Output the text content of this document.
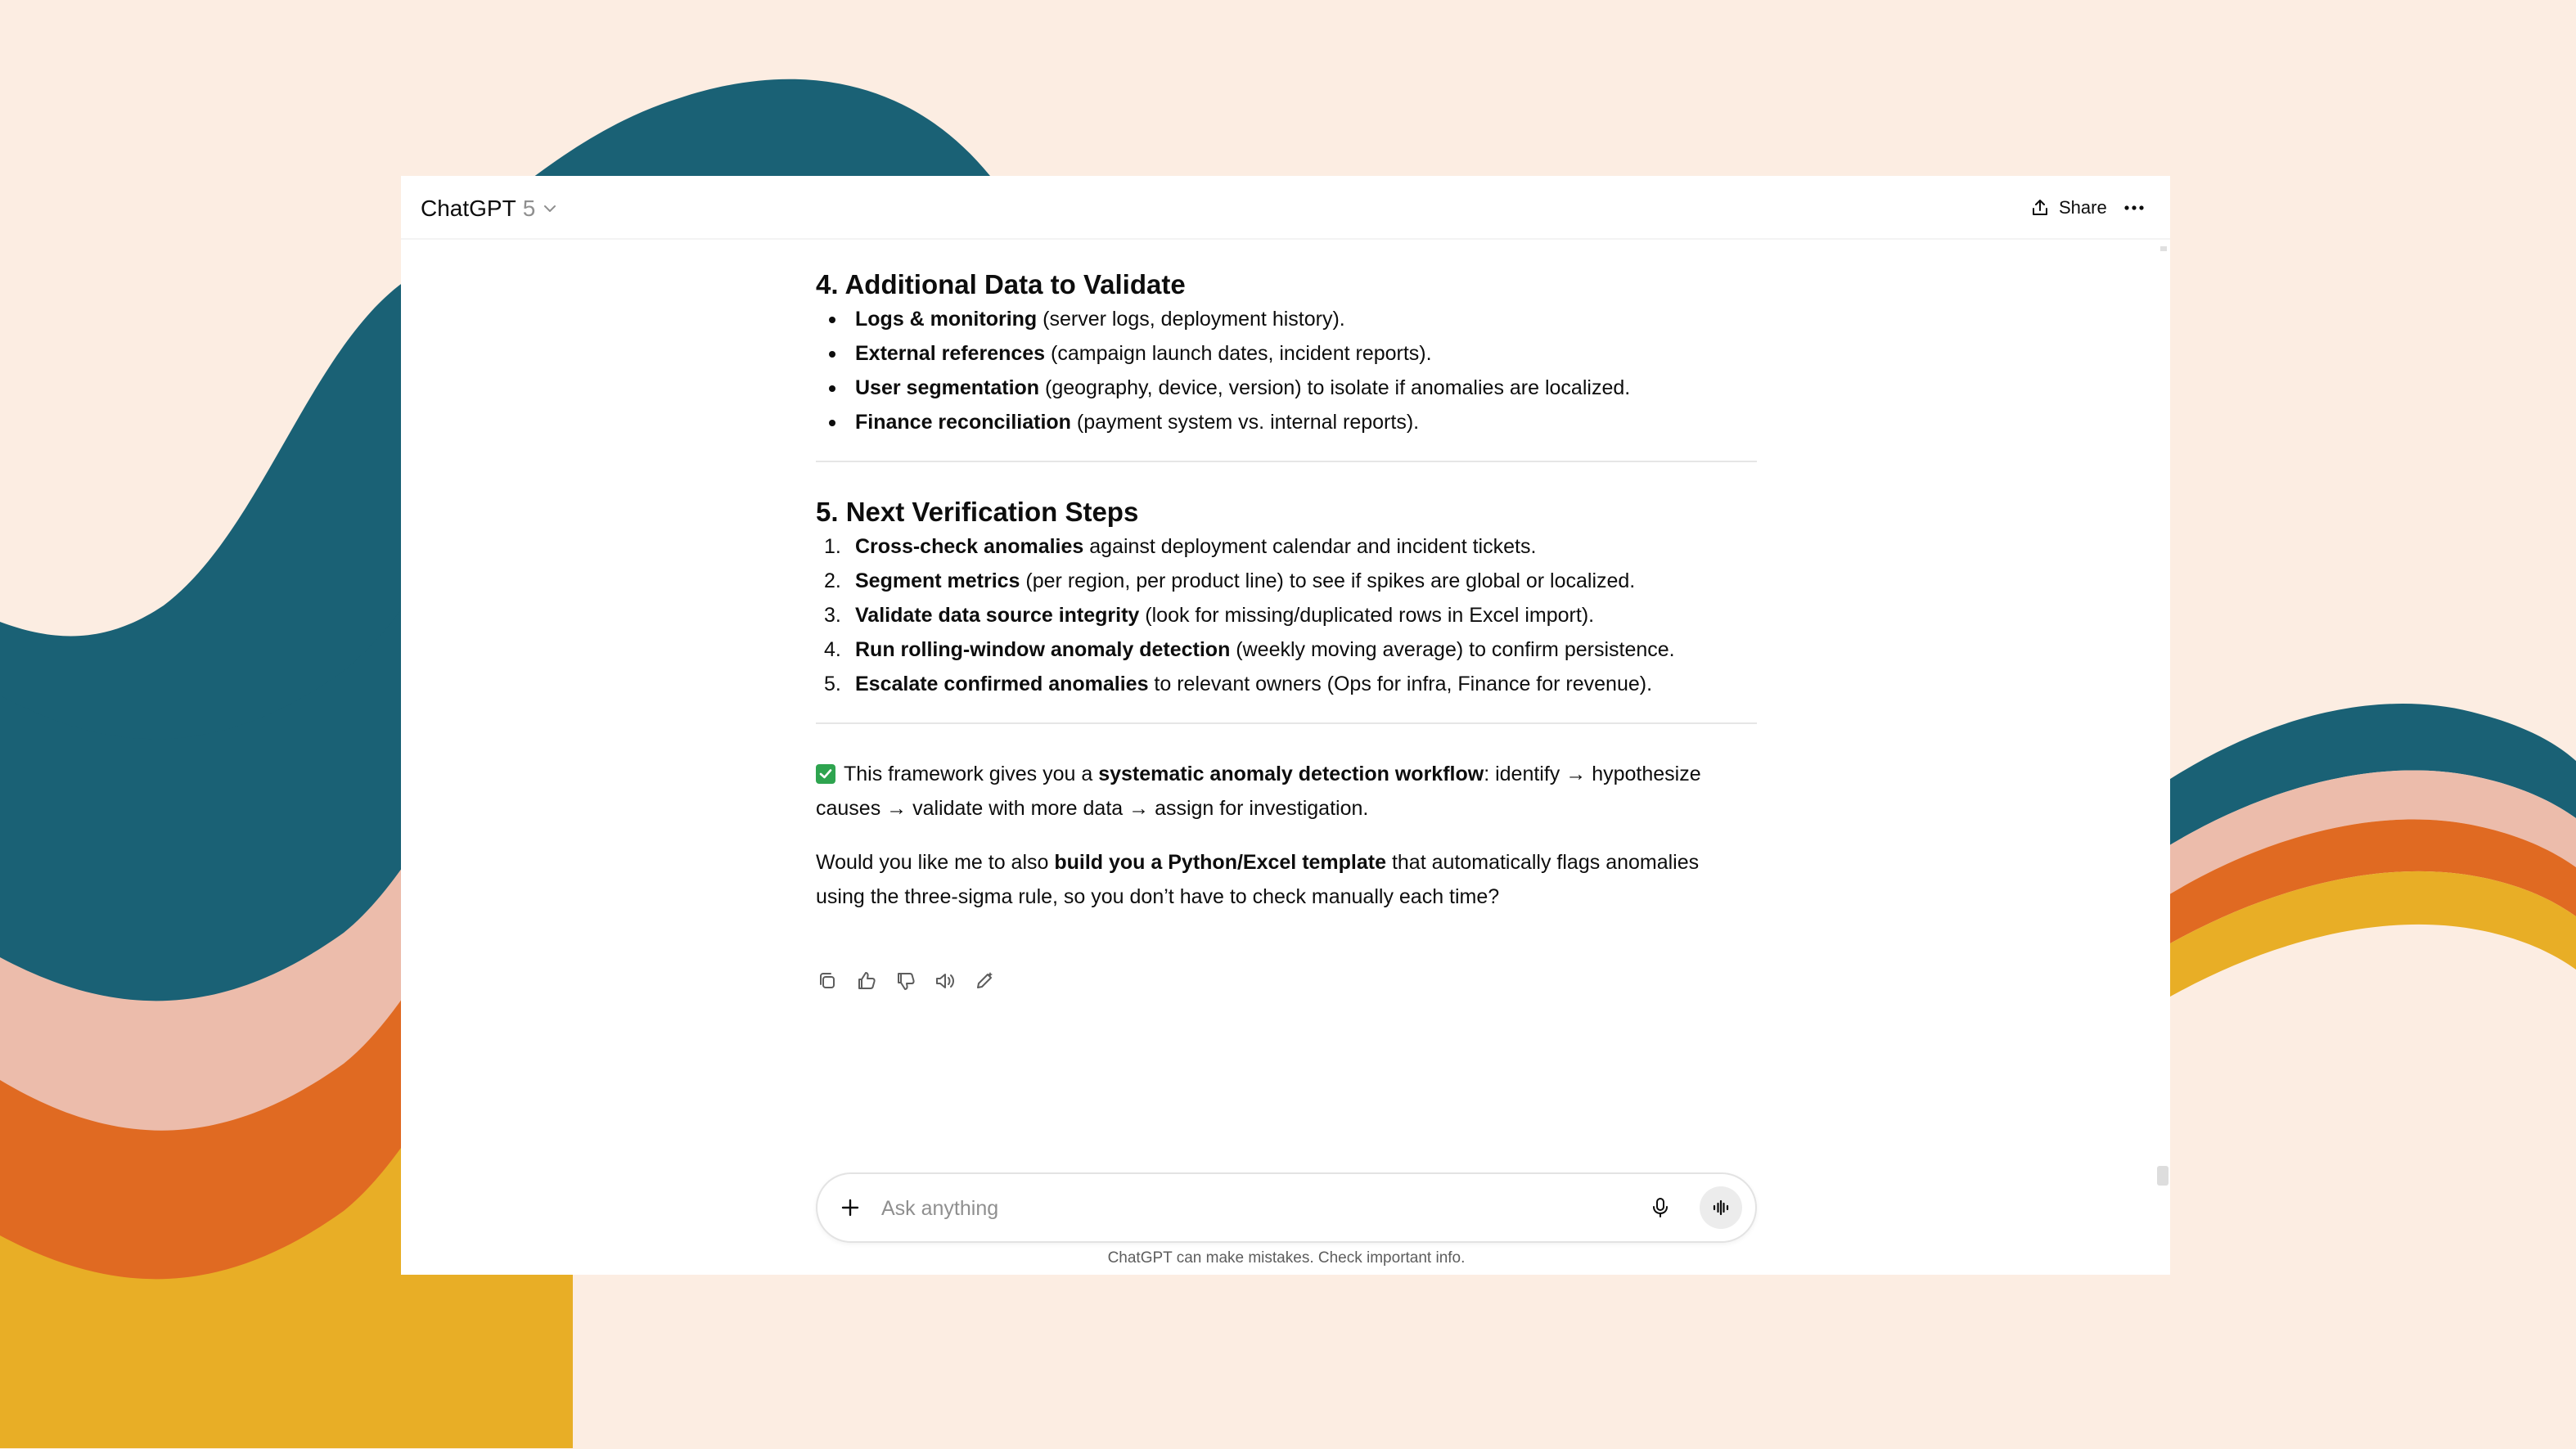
ChatGPT 5	Share
4. Additional Data to Validate
Logs & monitoring (server logs, deployment history).
External references (campaign launch dates, incident reports).
User segmentation (geography, device, version) to isolate if anomalies are localized.
Finance reconciliation (payment system vs. internal reports).
5. Next Verification Steps
1. Cross-check anomalies against deployment calendar and incident tickets.
2. Segment metrics (per region, per product line) to see if spikes are global or localized.
3. Validate data source integrity (look for missing/duplicated rows in Excel import).
4. Run rolling-window anomaly detection (weekly moving average) to confirm persistence.
5. Escalate confirmed anomalies to relevant owners (Ops for infra, Finance for revenue).

This framework gives you a systematic anomaly detection workflow: identify → hypothesize
causes → validate with more data → assign for investigation.

Would you like me to also build you a Python/Excel template that automatically flags anomalies
using the three-sigma rule, so you don’t have to check manually each time?

Ask anything
ChatGPT can make mistakes. Check important info.
